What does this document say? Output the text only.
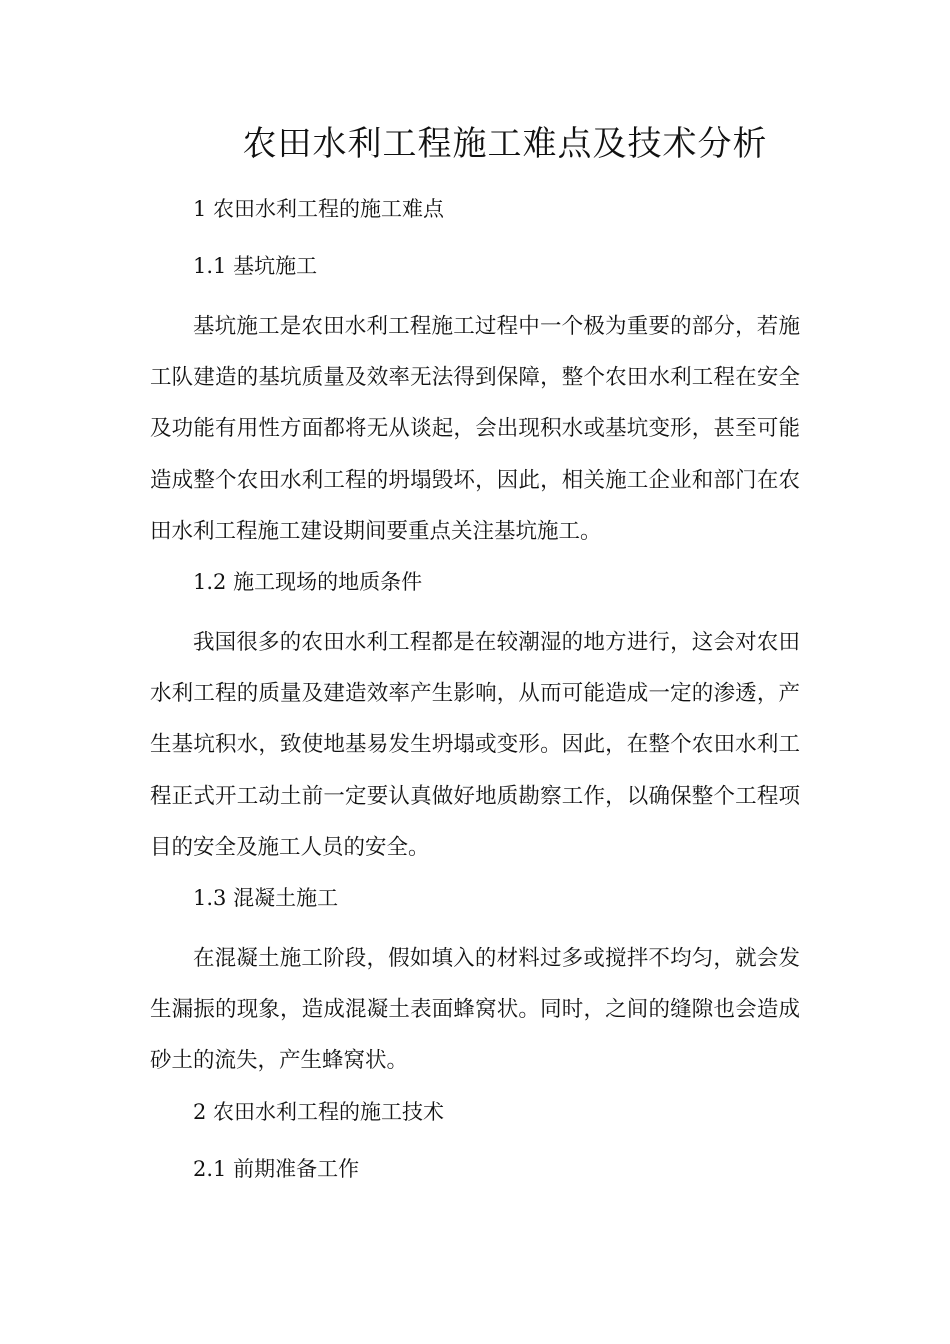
农田水利工程施工难点及技术分析

1 农田水利工程的施工难点

1.1 基坑施工

基坑施工是农田水利工程施工过程中一个极为重要的部分，若施工队建造的基坑质量及效率无法得到保障，整个农田水利工程在安全及功能有用性方面都将无从谈起，会出现积水或基坑变形，甚至可能造成整个农田水利工程的坍塌毁坏，因此，相关施工企业和部门在农田水利工程施工建设期间要重点关注基坑施工。

1.2 施工现场的地质条件

我国很多的农田水利工程都是在较潮湿的地方进行，这会对农田水利工程的质量及建造效率产生影响，从而可能造成一定的渗透，产生基坑积水，致使地基易发生坍塌或变形。因此，在整个农田水利工程正式开工动土前一定要认真做好地质勘察工作，以确保整个工程项目的安全及施工人员的安全。

1.3 混凝土施工

在混凝土施工阶段，假如填入的材料过多或搅拌不均匀，就会发生漏振的现象，造成混凝土表面蜂窝状。同时，之间的缝隙也会造成砂土的流失，产生蜂窝状。

2 农田水利工程的施工技术

2.1 前期准备工作
